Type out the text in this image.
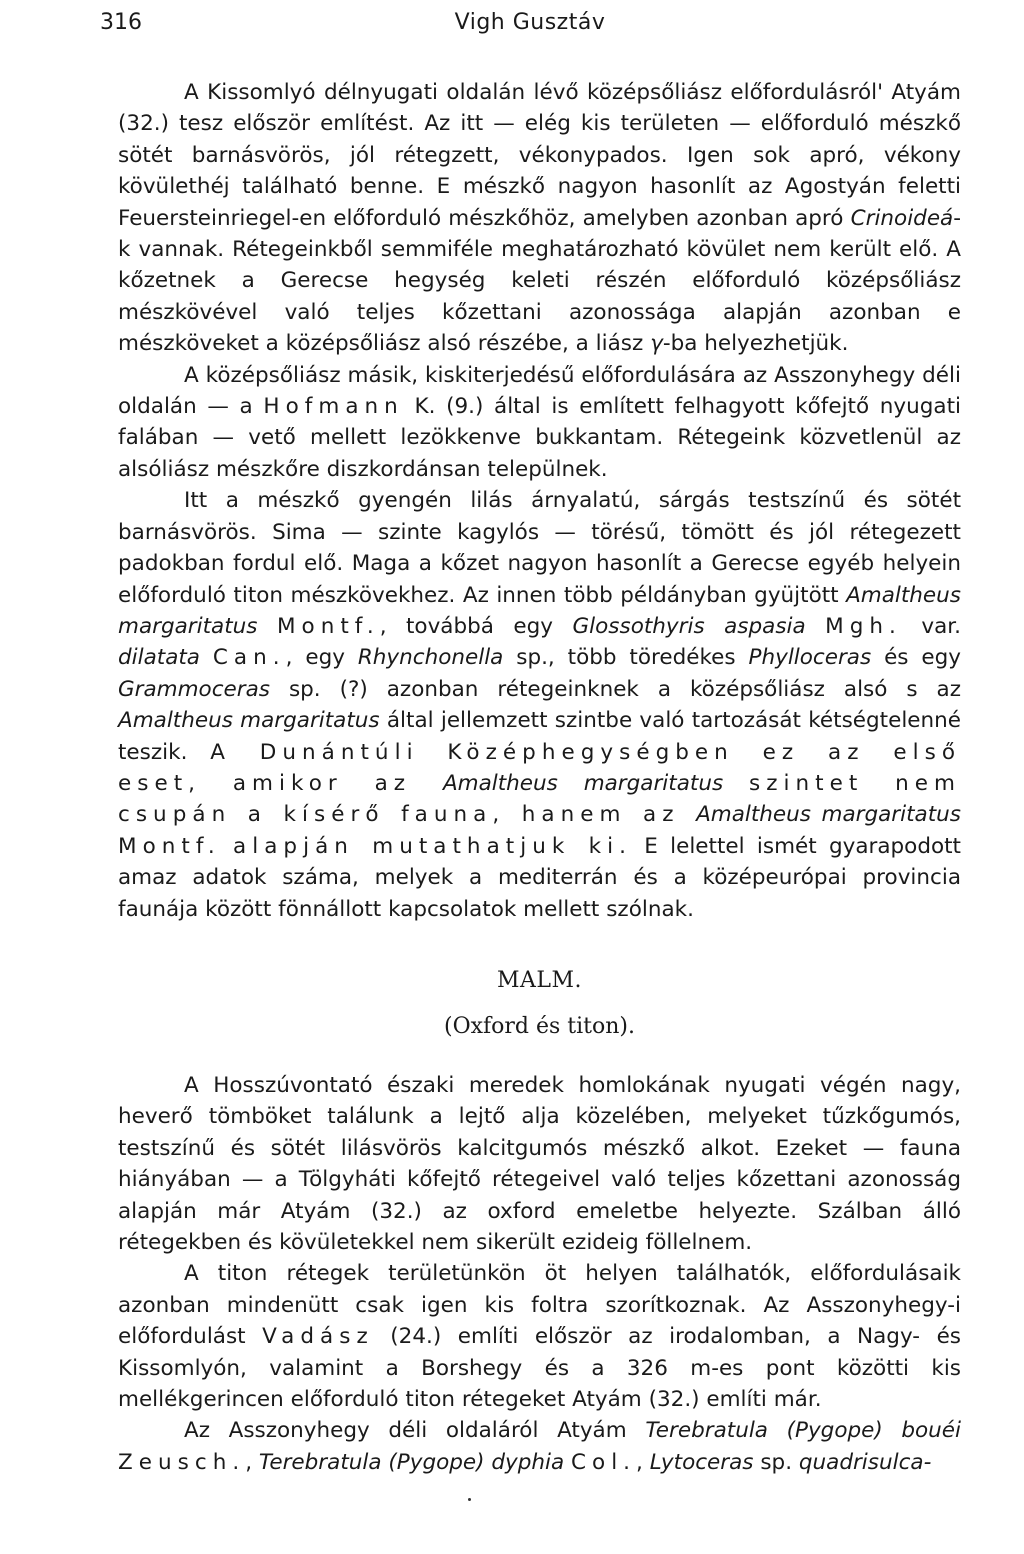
316	Vigh Gusztáv

A Kissomlyó délnyugati oldalán lévő középsőliász előfordulásról' Atyám (32.) tesz először említést. Az itt — elég kis területen — előforduló mészkő sötét barnásvörös, jól rétegzett, vékonypados. Igen sok apró, vékony kövülethéj található benne. E mészkő nagyon hasonlít az Agostyán feletti Feuersteinriegel-en előforduló mészkőhöz, amelyben azonban apró Crinoideá-k vannak. Rétegeinkből semmiféle meghatározható kövület nem került elő. A kőzetnek a Gerecse hegység keleti részén előforduló középsőliász mészkövével való teljes kőzettani azonossága alapján azonban e mészköveket a középsőliász alsó részébe, a liász γ-ba helyezhetjük.

A középsőliász másik, kiskiterjedésű előfordulására az Asszonyhegy déli oldalán — a Hofmann K. (9.) által is említett felhagyott kőfejtő nyugati falában — vető mellett lezökkenve bukkantam. Rétegeink közvetlenül az alsóliász mészkőre diszkordánsan települnek.

Itt a mészkő gyengén lilás árnyalatú, sárgás testszínű és sötét barnásvörös. Sima — szinte kagylós — törésű, tömött és jól rétegezett padokban fordul elő. Maga a kőzet nagyon hasonlít a Gerecse egyéb helyein előforduló titon mészkövekhez. Az innen több példányban gyüjtött Amaltheus margaritatus Montf., továbbá egy Glossothyris aspasia Mgh. var. dilatata Can., egy Rhynchonella sp., több töredékes Phylloceras és egy Grammoceras sp. (?) azonban rétegeinknek a középsőliász alsó s az Amaltheus margaritatus által jellemzett szintbe való tartozását kétségtelenné teszik. A Dunántúli Középhegységben ez az első eset, amikor az Amaltheus margaritatus szintet nem csupán a kísérő fauna, hanem az Amaltheus margaritatus Montf. alapján mutathatjuk ki. E lelettel ismét gyarapodott amaz adatok száma, melyek a mediterrán és a középeurópai provincia faunája között fönnállott kapcsolatok mellett szólnak.

MALM.
(Oxford és titon).

A Hosszúvontató északi meredek homlokának nyugati végén nagy, heverő tömböket találunk a lejtő alja közelében, melyeket tűzkőgumós, testszínű és sötét lilásvörös kalcitgumós mészkő alkot. Ezeket — fauna hiányában — a Tölgyháti kőfejtő rétegeivel való teljes kőzettani azonosság alapján már Atyám (32.) az oxford emeletbe helyezte. Szálban álló rétegekben és kövületekkel nem sikerült ezideig föllelnem.

A titon rétegek területünkön öt helyen találhatók, előfordulásaik azonban mindenütt csak igen kis foltra szorítkoznak. Az Asszonyhegy-i előfordulást Vadász (24.) említi először az irodalomban, a Nagy- és Kissomlyón, valamint a Borshegy és a 326 m-es pont közötti kis mellékgerincen előforduló titon rétegeket Atyám (32.) említi már.

Az Asszonyhegy déli oldaláról Atyám Terebratula (Pygope) bouéi Zeusch., Terebratula (Pygope) dyphia Col., Lytoceras sp. quadrisulca-
